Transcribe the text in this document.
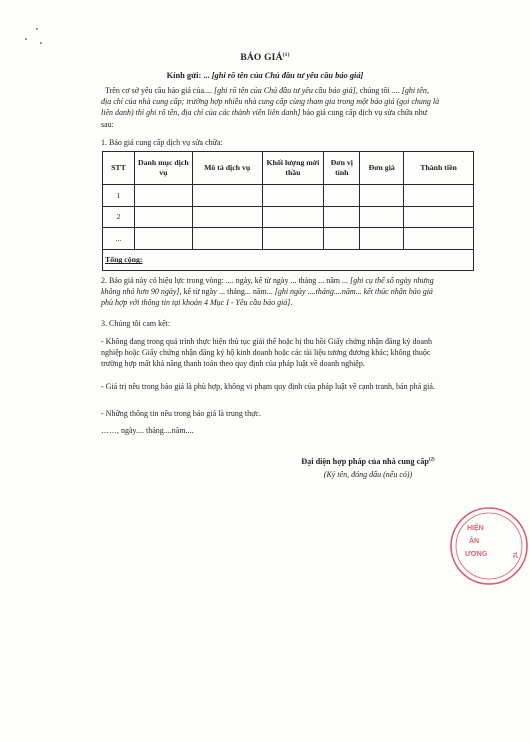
BÁO GIÁ$^{(1)}$
Kính gửi: ... [ghi rõ tên của Chủ đầu tư yêu cầu báo giá]
Trên cơ sở yêu cầu báo giá của.... [ghi rõ tên của Chủ đầu tư yêu cầu báo giá], chúng tôi .... [ghi tên, địa chỉ của nhà cung cấp; trường hợp nhiều nhà cung cấp cùng tham gia trong một báo giá (gọi chung là liên danh) thì ghi rõ tên, địa chỉ của các thành viên liên danh] báo giá cung cấp dịch vụ sửa chữa như sau:
1. Báo giá cung cấp dịch vụ sửa chữa:
STT	Danh mục dịch vụ	Mô tả dịch vụ	Khối lượng mời thầu	Đơn vị tính	Đơn giá	Thành tiền
1						
2						
...						
Tổng cộng:						
2. Báo giá này có hiệu lực trong vòng: .... ngày, kể từ ngày ... tháng ... năm ... [ghi cụ thể số ngày nhưng không nhỏ hơn 90 ngày], kể từ ngày ... tháng... năm... [ghi ngày ....tháng....năm... kết thúc nhận báo giá phù hợp với thông tin tại khoản 4 Mục I - Yêu cầu báo giá].
3. Chúng tôi cam kết:
- Không đang trong quá trình thực hiện thủ tục giải thể hoặc bị thu hồi Giấy chứng nhận đăng ký doanh nghiệp hoặc Giấy chứng nhận đăng ký hộ kinh doanh hoặc các tài liệu tương đương khác; không thuộc trường hợp mất khả năng thanh toán theo quy định của pháp luật về doanh nghiệp.
- Giá trị nêu trong báo giá là phù hợp, không vi phạm quy định của pháp luật về cạnh tranh, bán phá giá.
- Những thông tin nêu trong báo giá là trung thực.
……, ngày.... tháng....năm....
Đại diện hợp pháp của nhà cung cấp$^{(2)}$
(Ký tên, đóng dấu (nếu có))
HIỆN
ÂN
ƯƠNG	TẾ
